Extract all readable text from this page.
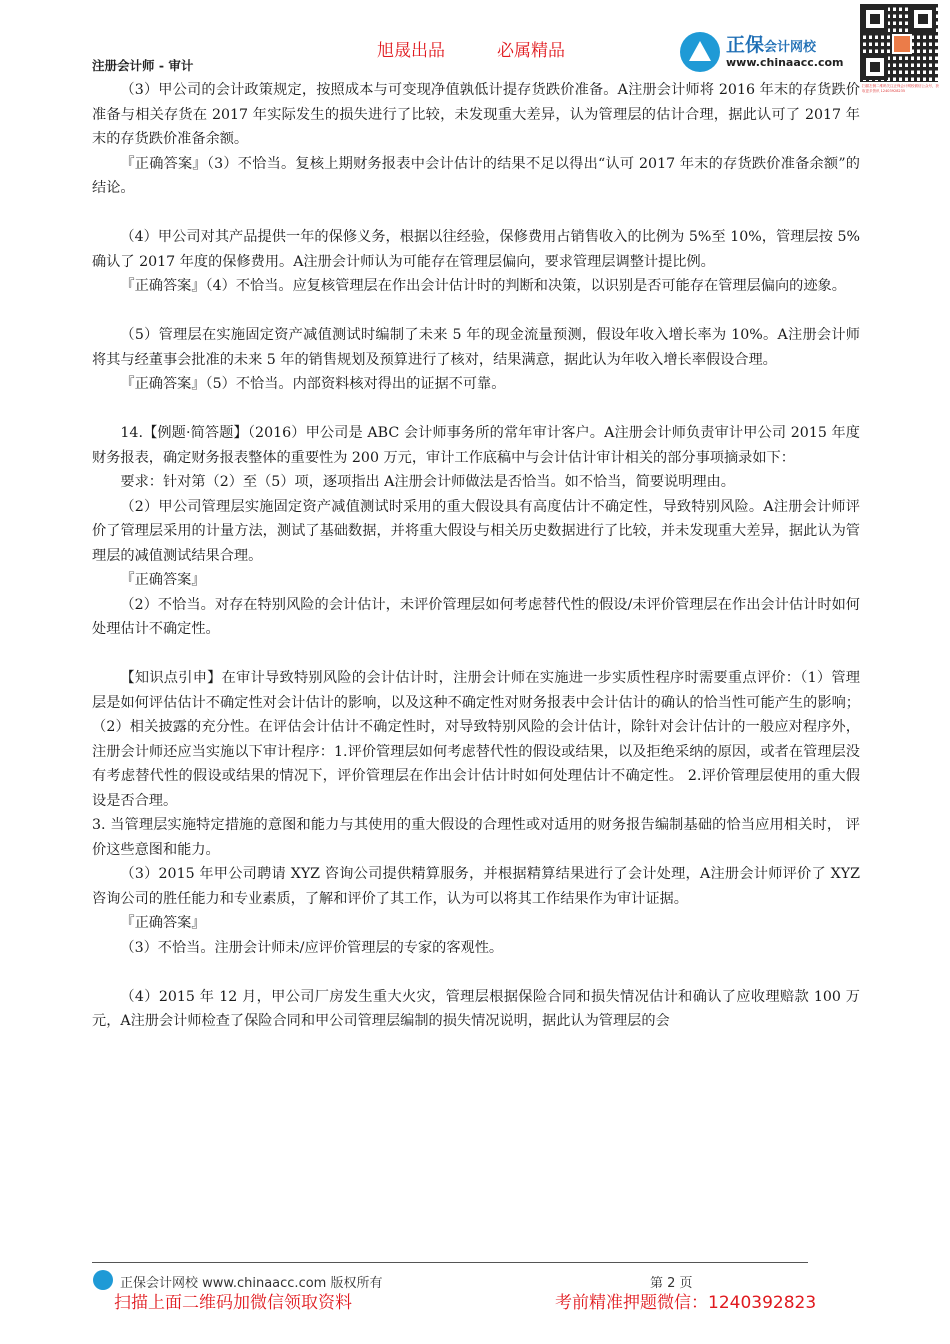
旭晟出品	必属精品
注册会计师 - 审计
正保会计网校
www.chinaacc.com
扫描左侧二维码关注正保会计网校微信公众号，获取更多资讯 12403928235

（3）甲公司的会计政策规定，按照成本与可变现净值孰低计提存货跌价准备。A注册会计师将 2016 年末的存货跌价准备与相关存货在 2017 年实际发生的损失进行了比较，未发现重大差异，认为管理层的估计合理，据此认可了 2017 年末的存货跌价准备余额。

『正确答案』（3）不恰当。复核上期财务报表中会计估计的结果不足以得出“认可 2017 年末的存货跌价准备余额”的结论。

（4）甲公司对其产品提供一年的保修义务，根据以往经验，保修费用占销售收入的比例为 5%至 10%，管理层按 5%确认了 2017 年度的保修费用。A注册会计师认为可能存在管理层偏向，要求管理层调整计提比例。

『正确答案』（4）不恰当。应复核管理层在作出会计估计时的判断和决策，以识别是否可能存在管理层偏向的迹象。

（5）管理层在实施固定资产减值测试时编制了未来 5 年的现金流量预测，假设年收入增长率为 10%。A注册会计师将其与经董事会批准的未来 5 年的销售规划及预算进行了核对，结果满意，据此认为年收入增长率假设合理。

『正确答案』（5）不恰当。内部资料核对得出的证据不可靠。

14.【例题·简答题】（2016）甲公司是 ABC 会计师事务所的常年审计客户。A注册会计师负责审计甲公司 2015 年度财务报表，确定财务报表整体的重要性为 200 万元，审计工作底稿中与会计估计审计相关的部分事项摘录如下：

要求：针对第（2）至（5）项，逐项指出 A注册会计师做法是否恰当。如不恰当，简要说明理由。

（2）甲公司管理层实施固定资产减值测试时采用的重大假设具有高度估计不确定性，导致特别风险。A注册会计师评价了管理层采用的计量方法，测试了基础数据，并将重大假设与相关历史数据进行了比较，并未发现重大差异，据此认为管理层的减值测试结果合理。

『正确答案』

（2）不恰当。对存在特别风险的会计估计，未评价管理层如何考虑替代性的假设/未评价管理层在作出会计估计时如何处理估计不确定性。

【知识点引申】在审计导致特别风险的会计估计时，注册会计师在实施进一步实质性程序时需要重点评价：（1）管理层是如何评估估计不确定性对会计估计的影响，以及这种不确定性对财务报表中会计估计的确认的恰当性可能产生的影响；（2）相关披露的充分性。在评估会计估计不确定性时，对导致特别风险的会计估计，除针对会计估计的一般应对程序外，注册会计师还应当实施以下审计程序：1.评价管理层如何考虑替代性的假设或结果，以及拒绝采纳的原因，或者在管理层没有考虑替代性的假设或结果的情况下，评价管理层在作出会计估计时如何处理估计不确定性。 2.评价管理层使用的重大假设是否合理。

3. 当管理层实施特定措施的意图和能力与其使用的重大假设的合理性或对适用的财务报告编制基础的恰当应用相关时， 评价这些意图和能力。

（3）2015 年甲公司聘请 XYZ 咨询公司提供精算服务，并根据精算结果进行了会计处理，A注册会计师评价了 XYZ 咨询公司的胜任能力和专业素质，了解和评价了其工作，认为可以将其工作结果作为审计证据。

『正确答案』

（3）不恰当。注册会计师未/应评价管理层的专家的客观性。

（4）2015 年 12 月，甲公司厂房发生重大火灾，管理层根据保险合同和损失情况估计和确认了应收理赔款 100 万元，A注册会计师检查了保险合同和甲公司管理层编制的损失情况说明，据此认为管理层的会

正保会计网校 www.chinaacc.com 版权所有	第 2 页
扫描上面二维码加微信领取资料	考前精准押题微信：1240392823
